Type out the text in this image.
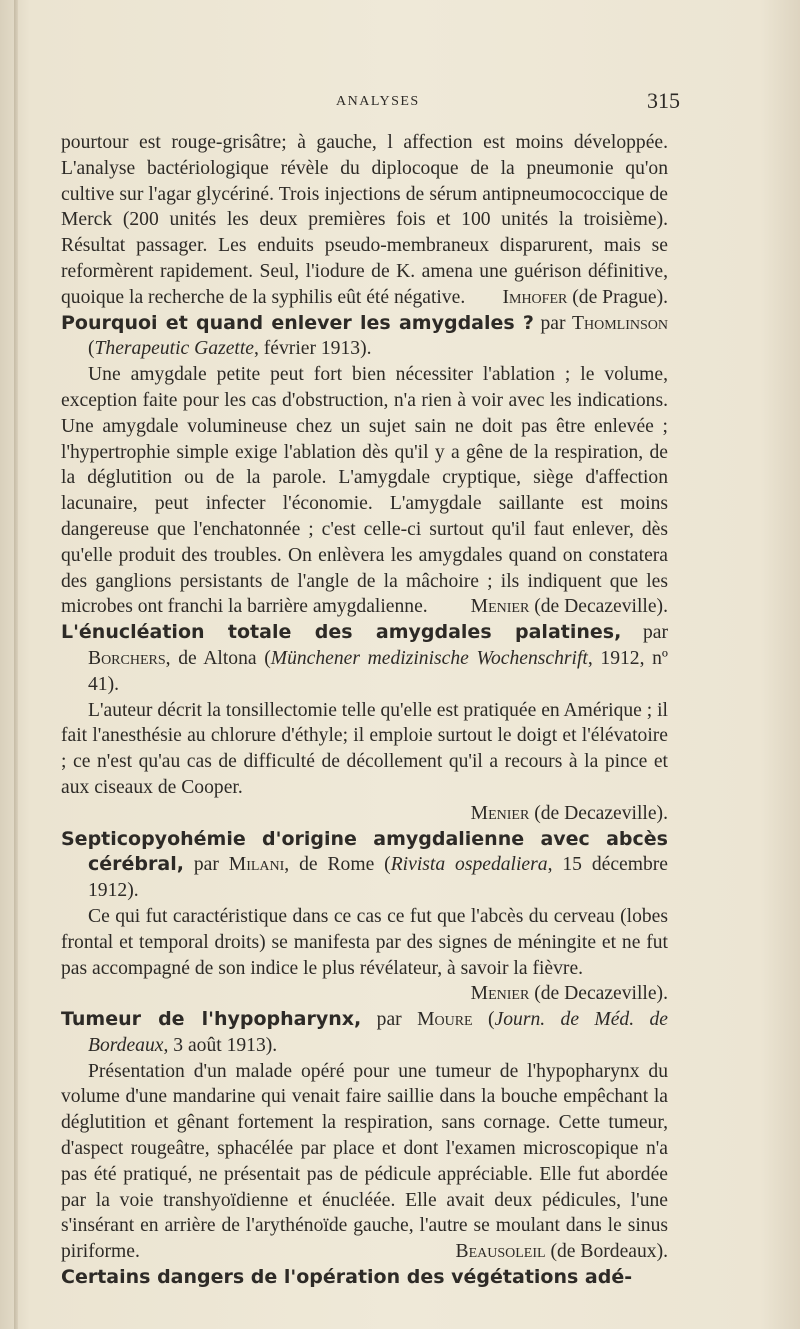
ANALYSES	315

pourtour est rouge-grisâtre; à gauche, l affection est moins développée. L'analyse bactériologique révèle du diplocoque de la pneumonie qu'on cultive sur l'agar glycériné. Trois injections de sérum antipneumococcique de Merck (200 unités les deux premières fois et 100 unités la troisième). Résultat passager. Les enduits pseudo-membraneux disparurent, mais se reformèrent rapidement. Seul, l'iodure de K. amena une guérison définitive, quoique la recherche de la syphilis eût été négative. Imhofer (de Prague).

Pourquoi et quand enlever les amygdales ? par Thomlinson (Therapeutic Gazette, février 1913).

Une amygdale petite peut fort bien nécessiter l'ablation ; le volume, exception faite pour les cas d'obstruction, n'a rien à voir avec les indications. Une amygdale volumineuse chez un sujet sain ne doit pas être enlevée ; l'hypertrophie simple exige l'ablation dès qu'il y a gêne de la respiration, de la déglutition ou de la parole. L'amygdale cryptique, siège d'affection lacunaire, peut infecter l'économie. L'amygdale saillante est moins dangereuse que l'enchatonnée ; c'est celle-ci surtout qu'il faut enlever, dès qu'elle produit des troubles. On enlèvera les amygdales quand on constatera des ganglions persistants de l'angle de la mâchoire ; ils indiquent que les microbes ont franchi la barrière amygdalienne.	Menier (de Decazeville).

L'énucléation totale des amygdales palatines, par Borchers, de Altona (Münchener medizinische Wochenschrift, 1912, nº 41).

L'auteur décrit la tonsillectomie telle qu'elle est pratiquée en Amérique ; il fait l'anesthésie au chlorure d'éthyle; il emploie surtout le doigt et l'élévatoire ; ce n'est qu'au cas de difficulté de décollement qu'il a recours à la pince et aux ciseaux de Cooper.

Menier (de Decazeville).

Septicopyohémie d'origine amygdalienne avec abcès cérébral, par Milani, de Rome (Rivista ospedaliera, 15 décembre 1912).

Ce qui fut caractéristique dans ce cas ce fut que l'abcès du cerveau (lobes frontal et temporal droits) se manifesta par des signes de méningite et ne fut pas accompagné de son indice le plus révélateur, à savoir la fièvre.
Menier (de Decazeville).

Tumeur de l'hypopharynx, par Moure (Journ. de Méd. de Bordeaux, 3 août 1913).

Présentation d'un malade opéré pour une tumeur de l'hypopharynx du volume d'une mandarine qui venait faire saillie dans la bouche empêchant la déglutition et gênant fortement la respiration, sans cornage. Cette tumeur, d'aspect rougeâtre, sphacélée par place et dont l'examen microscopique n'a pas été pratiqué, ne présentait pas de pédicule appréciable. Elle fut abordée par la voie transhyoïdienne et énucléée. Elle avait deux pédicules, l'une s'insérant en arrière de l'arythénoïde gauche, l'autre se moulant dans le sinus piriforme.	Beausoleil (de Bordeaux).

Certains dangers de l'opération des végétations adé-
